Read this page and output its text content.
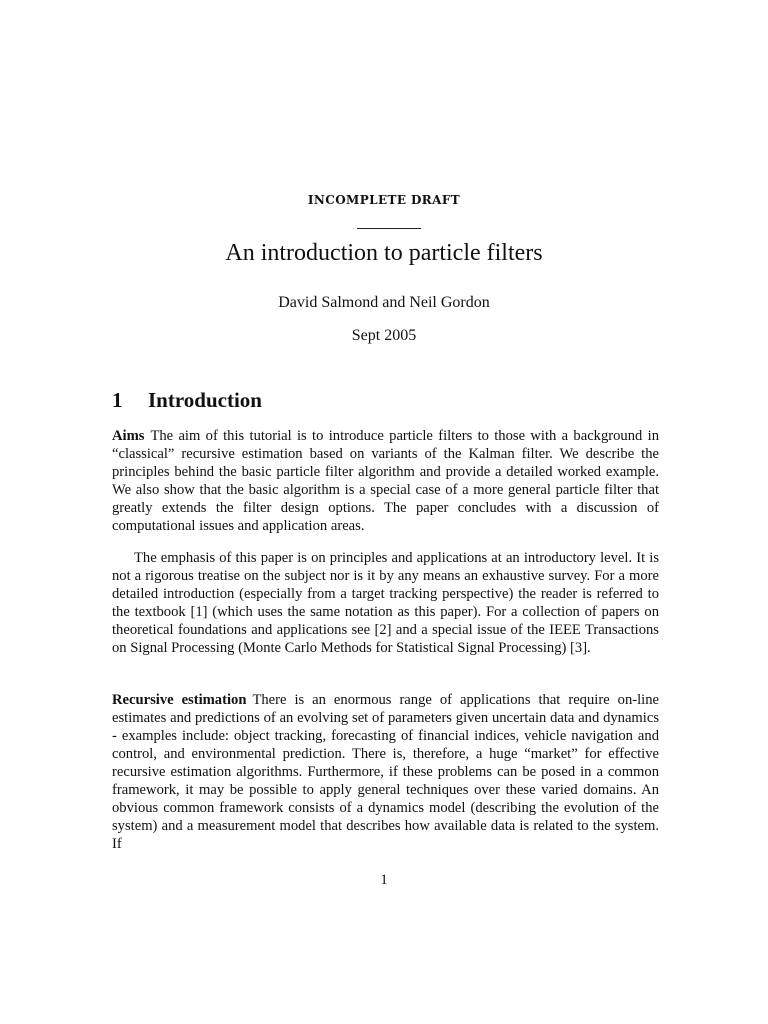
INCOMPLETE DRAFT
An introduction to particle filters
David Salmond and Neil Gordon
Sept 2005
1 Introduction

Aims The aim of this tutorial is to introduce particle filters to those with a background in “classical” recursive estimation based on variants of the Kalman filter. We describe the principles behind the basic particle filter algorithm and provide a detailed worked example. We also show that the basic algorithm is a special case of a more general particle filter that greatly extends the filter design options. The paper concludes with a discussion of computational issues and application areas.

The emphasis of this paper is on principles and applications at an introductory level. It is not a rigorous treatise on the subject nor is it by any means an exhaustive survey. For a more detailed introduction (especially from a target tracking perspective) the reader is referred to the textbook [1] (which uses the same notation as this paper). For a collection of papers on theoretical foundations and applications see [2] and a special issue of the IEEE Transactions on Signal Processing (Monte Carlo Methods for Statistical Signal Processing) [3].

Recursive estimation There is an enormous range of applications that require on-line estimates and predictions of an evolving set of parameters given uncertain data and dynamics - examples include: object tracking, forecasting of financial indices, vehicle navigation and control, and environmental prediction. There is, therefore, a huge “market” for effective recursive estimation algorithms. Furthermore, if these problems can be posed in a common framework, it may be possible to apply general techniques over these varied domains. An obvious common framework consists of a dynamics model (describing the evolution of the system) and a measurement model that describes how available data is related to the system. If

1
